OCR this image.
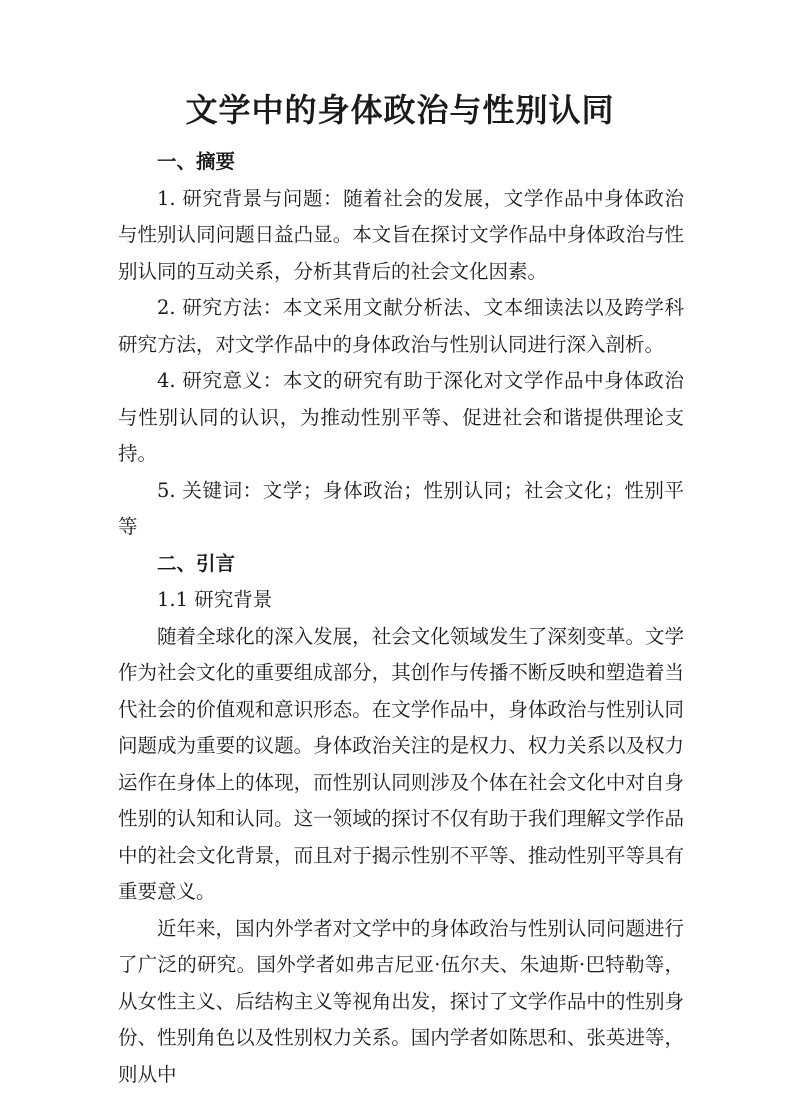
文学中的身体政治与性别认同

一、摘要

1. 研究背景与问题：随着社会的发展，文学作品中身体政治与性别认同问题日益凸显。本文旨在探讨文学作品中身体政治与性别认同的互动关系，分析其背后的社会文化因素。

2. 研究方法：本文采用文献分析法、文本细读法以及跨学科研究方法，对文学作品中的身体政治与性别认同进行深入剖析。

4. 研究意义：本文的研究有助于深化对文学作品中身体政治与性别认同的认识，为推动性别平等、促进社会和谐提供理论支持。

5. 关键词：文学；身体政治；性别认同；社会文化；性别平等

二、引言

1.1 研究背景

随着全球化的深入发展，社会文化领域发生了深刻变革。文学作为社会文化的重要组成部分，其创作与传播不断反映和塑造着当代社会的价值观和意识形态。在文学作品中，身体政治与性别认同问题成为重要的议题。身体政治关注的是权力、权力关系以及权力运作在身体上的体现，而性别认同则涉及个体在社会文化中对自身性别的认知和认同。这一领域的探讨不仅有助于我们理解文学作品中的社会文化背景，而且对于揭示性别不平等、推动性别平等具有重要意义。

近年来，国内外学者对文学中的身体政治与性别认同问题进行了广泛的研究。国外学者如弗吉尼亚·伍尔夫、朱迪斯·巴特勒等，从女性主义、后结构主义等视角出发，探讨了文学作品中的性别身份、性别角色以及性别权力关系。国内学者如陈思和、张英进等，则从中
